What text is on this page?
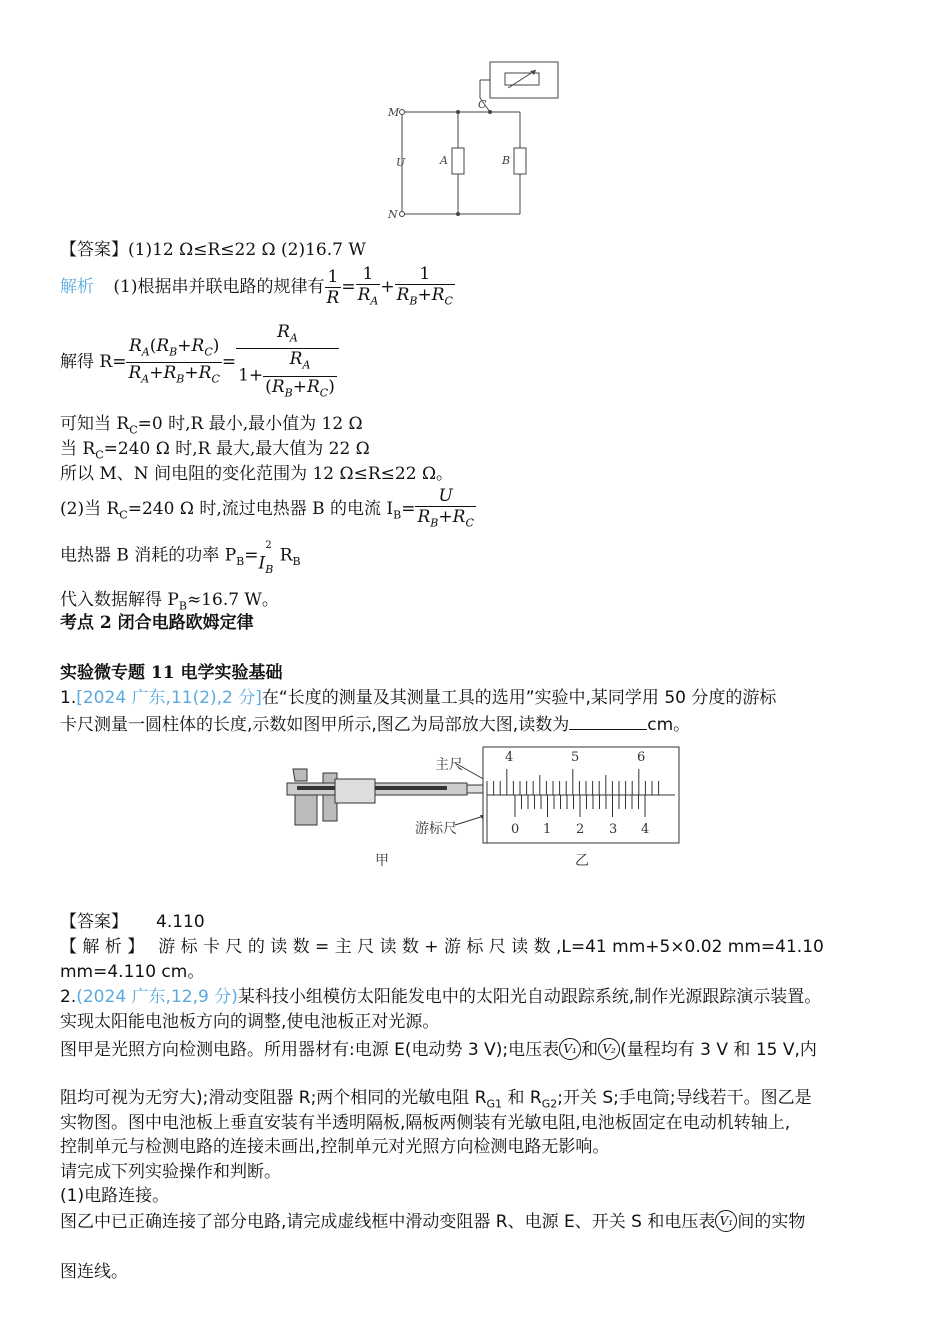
M
N
U	A	B
C
【答案】(1)12 Ω≤R≤22 Ω (2)16.7 W
解析 (1)根据串并联电路的规律有 $\frac{1}{R} = \frac{1}{R_A} + \frac{1}{R_B+R_C}$
解得 $R= \frac{R_A(R_B+R_C)}{R_A+R_B+R_C} = \frac{R_A}{1+ \frac{R_A}{(R_B+R_C)}}$
可知当 $R_C=0$ 时,R 最小,最小值为 12 Ω
当 $R_C=240$ Ω 时,R 最大,最大值为 22 Ω
所以 M、N 间电阻的变化范围为 12 Ω≤R≤22 Ω。
(2)当 $R_C=240$ Ω 时,流过电热器 B 的电流 $I_B= \frac{U}{R_B+R_C}$
电热器 B 消耗的功率 $P_B=I_B^2R_B$
代入数据解得 $P_B\approx 16.7$ W。
考点 2 闭合电路欧姆定律
实验微专题 11 电学实验基础
1.[2024 广东,11(2),2 分]在“长度的测量及其测量工具的选用”实验中,某同学用 50 分度的游标
卡尺测量一圆柱体的长度,示数如图甲所示,图乙为局部放大图,读数为	cm。
甲
主尺
游标尺
4	5	6
0 1 2 3 4
乙
【答案】 4.110
【 解 析 】 游 标 卡 尺 的 读 数 = 主 尺 读 数 + 游 标 尺 读 数 ,L=41 mm+5×0.02 mm=41.10
mm=4.110 cm。
2.(2024 广东,12,9 分)某科技小组模仿太阳能发电中的太阳光自动跟踪系统,制作光源跟踪演示装置。
实现太阳能电池板方向的调整,使电池板正对光源。
图甲是光照方向检测电路。所用器材有:电源 E(电动势 3 V);电压表 V₁ 和 V₂ (量程均有 3 V 和 15 V,内
阻均可视为无穷大);滑动变阻器 R;两个相同的光敏电阻 $R_{G1}$ 和 $R_{G2}$;开关 S;手电筒;导线若干。图乙是
实物图。图中电池板上垂直安装有半透明隔板,隔板两侧装有光敏电阻,电池板固定在电动机转轴上,
控制单元与检测电路的连接未画出,控制单元对光照方向检测电路无影响。
请完成下列实验操作和判断。
(1)电路连接。
图乙中已正确连接了部分电路,请完成虚线框中滑动变阻器 R、电源 E、开关 S 和电压表 V₁ 间的实物
图连线。
